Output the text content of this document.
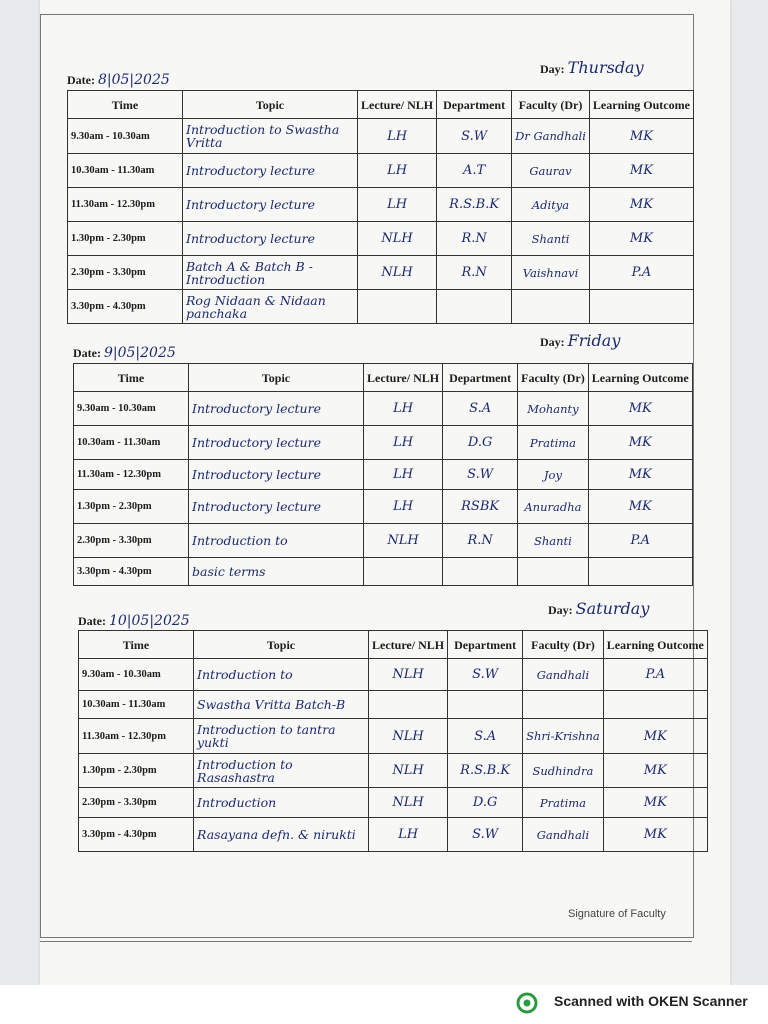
Date: 8|05|2025
Day: Thursday
Time	Topic	Lecture/ NLH	Department	Faculty (Dr)	Learning Outcome
9.30am - 10.30am	Introduction to Swastha Vritta	LH	S.W	Dr Gandhali	MK
10.30am - 11.30am	Introductory lecture	LH	A.T	Gaurav	MK
11.30am - 12.30pm	Introductory lecture	LH	R.S.B.K	Aditya	MK
1.30pm - 2.30pm	Introductory lecture	NLH	R.N	Shanti	MK
2.30pm - 3.30pm	Batch A & Batch B - Introduction	NLH	R.N	Vaishnavi	P.A
3.30pm - 4.30pm	Rog Nidaan & Nidaan panchaka				
Date: 9|05|2025
Day: Friday
Time	Topic	Lecture/ NLH	Department	Faculty (Dr)	Learning Outcome
9.30am - 10.30am	Introductory lecture	LH	S.A	Mohanty	MK
10.30am - 11.30am	Introductory lecture	LH	D.G	Pratima	MK
11.30am - 12.30pm	Introductory lecture	LH	S.W	Joy	MK
1.30pm - 2.30pm	Introductory lecture	LH	RSBK	Anuradha	MK
2.30pm - 3.30pm	Introduction to	NLH	R.N	Shanti	P.A
3.30pm - 4.30pm	basic terms				
Date: 10|05|2025
Day: Saturday
Time	Topic	Lecture/ NLH	Department	Faculty (Dr)	Learning Outcome
9.30am - 10.30am	Introduction to	NLH	S.W	Gandhali	P.A
10.30am - 11.30am	Swastha Vritta Batch-B				
11.30am - 12.30pm	Introduction to tantra yukti	NLH	S.A	Shri-Krishna	MK
1.30pm - 2.30pm	Introduction to Rasashastra	NLH	R.S.B.K	Sudhindra	MK
2.30pm - 3.30pm	Introduction	NLH	D.G	Pratima	MK
3.30pm - 4.30pm	Rasayana defn. & nirukti	LH	S.W	Gandhali	MK
Signature of Faculty
Scanned with OKEN Scanner
